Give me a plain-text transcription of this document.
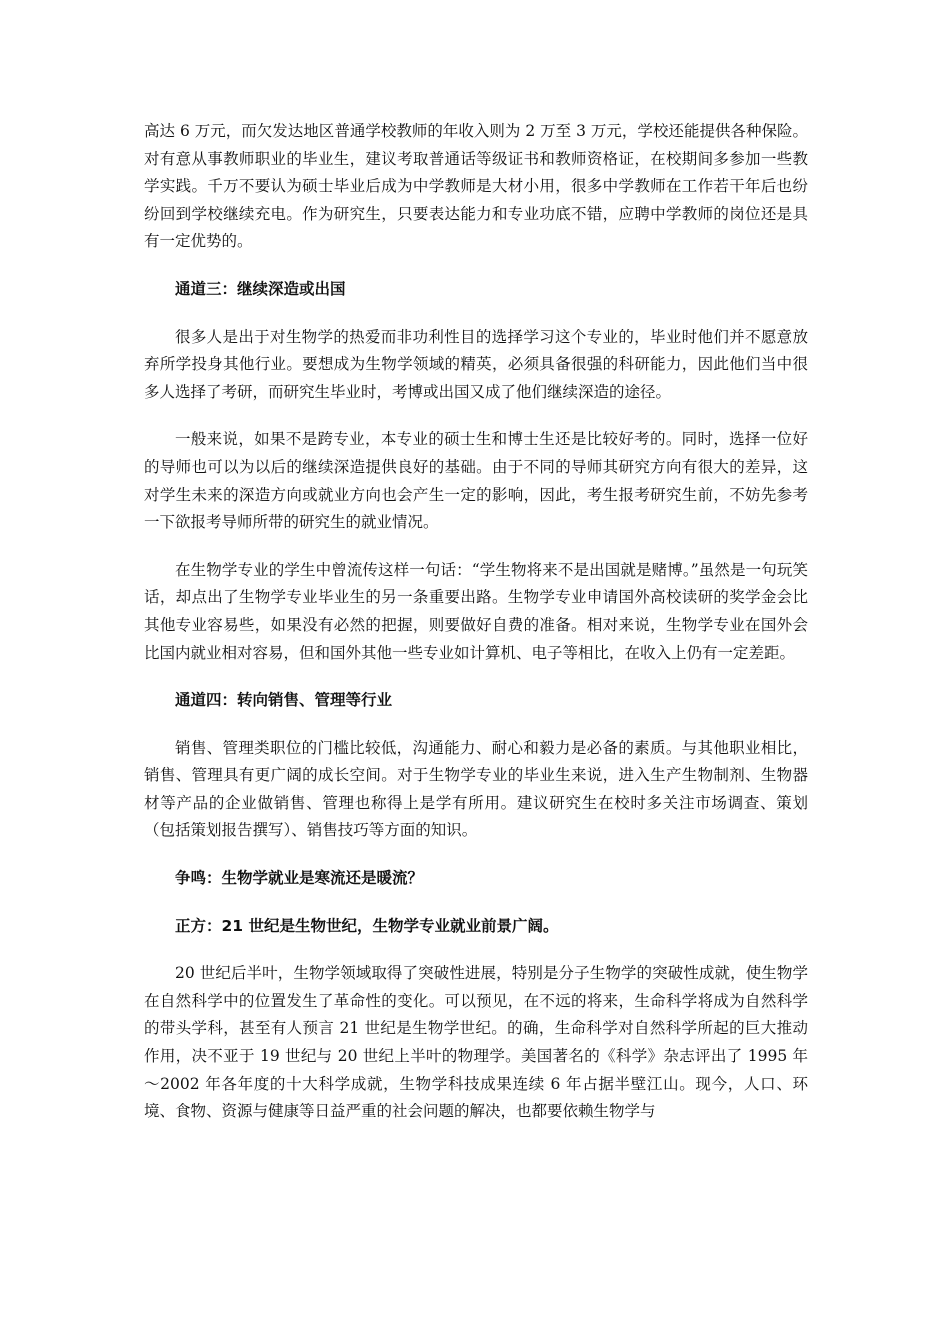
高达 6 万元，而欠发达地区普通学校教师的年收入则为 2 万至 3 万元，学校还能提供各种保险。对有意从事教师职业的毕业生，建议考取普通话等级证书和教师资格证，在校期间多参加一些教学实践。千万不要认为硕士毕业后成为中学教师是大材小用，很多中学教师在工作若干年后也纷纷回到学校继续充电。作为研究生，只要表达能力和专业功底不错，应聘中学教师的岗位还是具有一定优势的。

通道三：继续深造或出国

很多人是出于对生物学的热爱而非功利性目的选择学习这个专业的，毕业时他们并不愿意放弃所学投身其他行业。要想成为生物学领域的精英，必须具备很强的科研能力，因此他们当中很多人选择了考研，而研究生毕业时，考博或出国又成了他们继续深造的途径。

一般来说，如果不是跨专业，本专业的硕士生和博士生还是比较好考的。同时，选择一位好的导师也可以为以后的继续深造提供良好的基础。由于不同的导师其研究方向有很大的差异，这对学生未来的深造方向或就业方向也会产生一定的影响，因此，考生报考研究生前，不妨先参考一下欲报考导师所带的研究生的就业情况。

在生物学专业的学生中曾流传这样一句话：“学生物将来不是出国就是赌博。”虽然是一句玩笑话，却点出了生物学专业毕业生的另一条重要出路。生物学专业申请国外高校读研的奖学金会比其他专业容易些，如果没有必然的把握，则要做好自费的准备。相对来说，生物学专业在国外会比国内就业相对容易，但和国外其他一些专业如计算机、电子等相比，在收入上仍有一定差距。

通道四：转向销售、管理等行业

销售、管理类职位的门槛比较低，沟通能力、耐心和毅力是必备的素质。与其他职业相比，销售、管理具有更广阔的成长空间。对于生物学专业的毕业生来说，进入生产生物制剂、生物器材等产品的企业做销售、管理也称得上是学有所用。建议研究生在校时多关注市场调查、策划（包括策划报告撰写）、销售技巧等方面的知识。

争鸣：生物学就业是寒流还是暖流？

正方：21 世纪是生物世纪，生物学专业就业前景广阔。

20 世纪后半叶，生物学领域取得了突破性进展，特别是分子生物学的突破性成就，使生物学在自然科学中的位置发生了革命性的变化。可以预见，在不远的将来，生命科学将成为自然科学的带头学科，甚至有人预言 21 世纪是生物学世纪。的确，生命科学对自然科学所起的巨大推动作用，决不亚于 19 世纪与 20 世纪上半叶的物理学。美国著名的《科学》杂志评出了 1995 年～2002 年各年度的十大科学成就，生物学科技成果连续 6 年占据半壁江山。现今，人口、环境、食物、资源与健康等日益严重的社会问题的解决，也都要依赖生物学与
